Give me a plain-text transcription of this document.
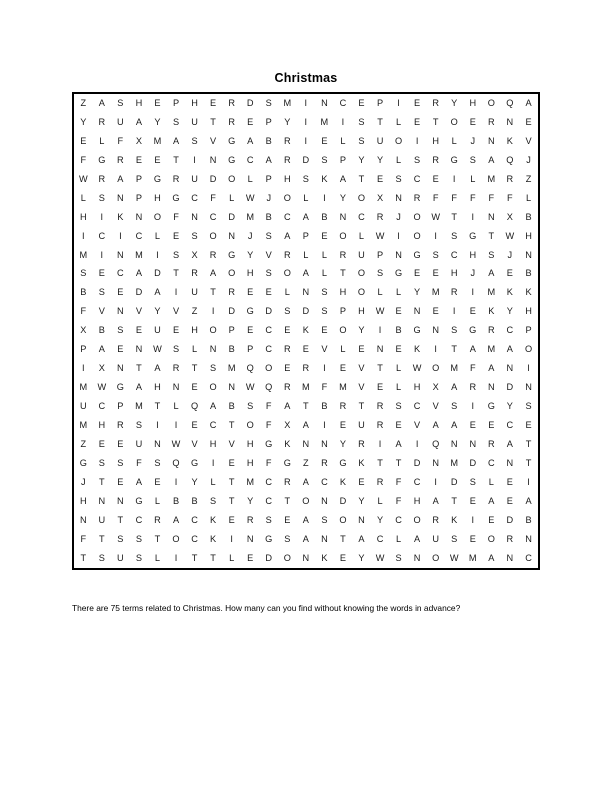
Christmas
Z	A	S	H	E	P	H	E	R	D	S	M	I	N	C	E	P	I	E	R	Y	H	O	Q	A
Y	R	U	A	Y	S	U	T	R	E	P	Y	I	M	I	S	T	L	E	T	O	E	R	N	E
E	L	F	X	M	A	S	V	G	A	B	R	I	E	L	S	U	O	I	H	L	J	N	K	V
F	G	R	E	E	T	I	N	G	C	A	R	D	S	P	Y	Y	L	S	R	G	S	A	Q	J
W	R	A	P	G	R	U	D	O	L	P	H	S	K	A	T	E	S	C	E	I	L	M	R	Z
L	S	N	P	H	G	C	F	L	W	J	O	L	I	Y	O	X	N	R	F	F	F	F	F	L
H	I	K	N	O	F	N	C	D	M	B	C	A	B	N	C	R	J	O	W	T	I	N	X	B
I	C	I	C	L	E	S	O	N	J	S	A	P	E	O	L	W	I	O	I	S	G	T	W	H
M	I	N	M	I	S	X	R	G	Y	V	R	L	L	R	U	P	N	G	S	C	H	S	J	N
S	E	C	A	D	T	R	A	O	H	S	O	A	L	T	O	S	G	E	E	H	J	A	E	B
B	S	E	D	A	I	U	T	R	E	E	L	N	S	H	O	L	L	Y	M	R	I	M	K	K
F	V	N	V	Y	V	Z	I	D	G	D	S	D	S	P	H	W	E	N	E	I	E	K	Y	H
X	B	S	E	U	E	H	O	P	E	C	E	K	E	O	Y	I	B	G	N	S	G	R	C	P
P	A	E	N	W	S	L	N	B	P	C	R	E	V	L	E	N	E	K	I	T	A	M	A	O
I	X	N	T	A	R	T	S	M	Q	O	E	R	I	E	V	T	L	W	O	M	F	A	N	I
M	W	G	A	H	N	E	O	N	W	Q	R	M	F	M	V	E	L	H	X	A	R	N	D	N
U	C	P	M	T	L	Q	A	B	S	F	A	T	B	R	T	R	S	C	V	S	I	G	Y	S
M	H	R	S	I	I	E	C	T	O	F	X	A	I	E	U	R	E	V	A	A	E	E	C	E
Z	E	E	U	N	W	V	H	V	H	G	K	N	N	Y	R	I	A	I	Q	N	N	R	A	T
G	S	S	F	S	Q	G	I	E	H	F	G	Z	R	G	K	T	T	D	N	M	D	C	N	T
J	T	E	A	E	I	Y	L	T	M	C	R	A	C	K	E	R	F	C	I	D	S	L	E	I
H	N	N	G	L	B	B	S	T	Y	C	T	O	N	D	Y	L	F	H	A	T	E	A	E	A
N	U	T	C	R	A	C	K	E	R	S	E	A	S	O	N	Y	C	O	R	K	I	E	D	B
F	T	S	S	T	O	C	K	I	N	G	S	A	N	T	A	C	L	A	U	S	E	O	R	N
T	S	U	S	L	I	T	T	L	E	D	O	N	K	E	Y	W	S	N	O	W	M	A	N	C
There are 75 terms related to Christmas. How many can you find without knowing the words in advance?
